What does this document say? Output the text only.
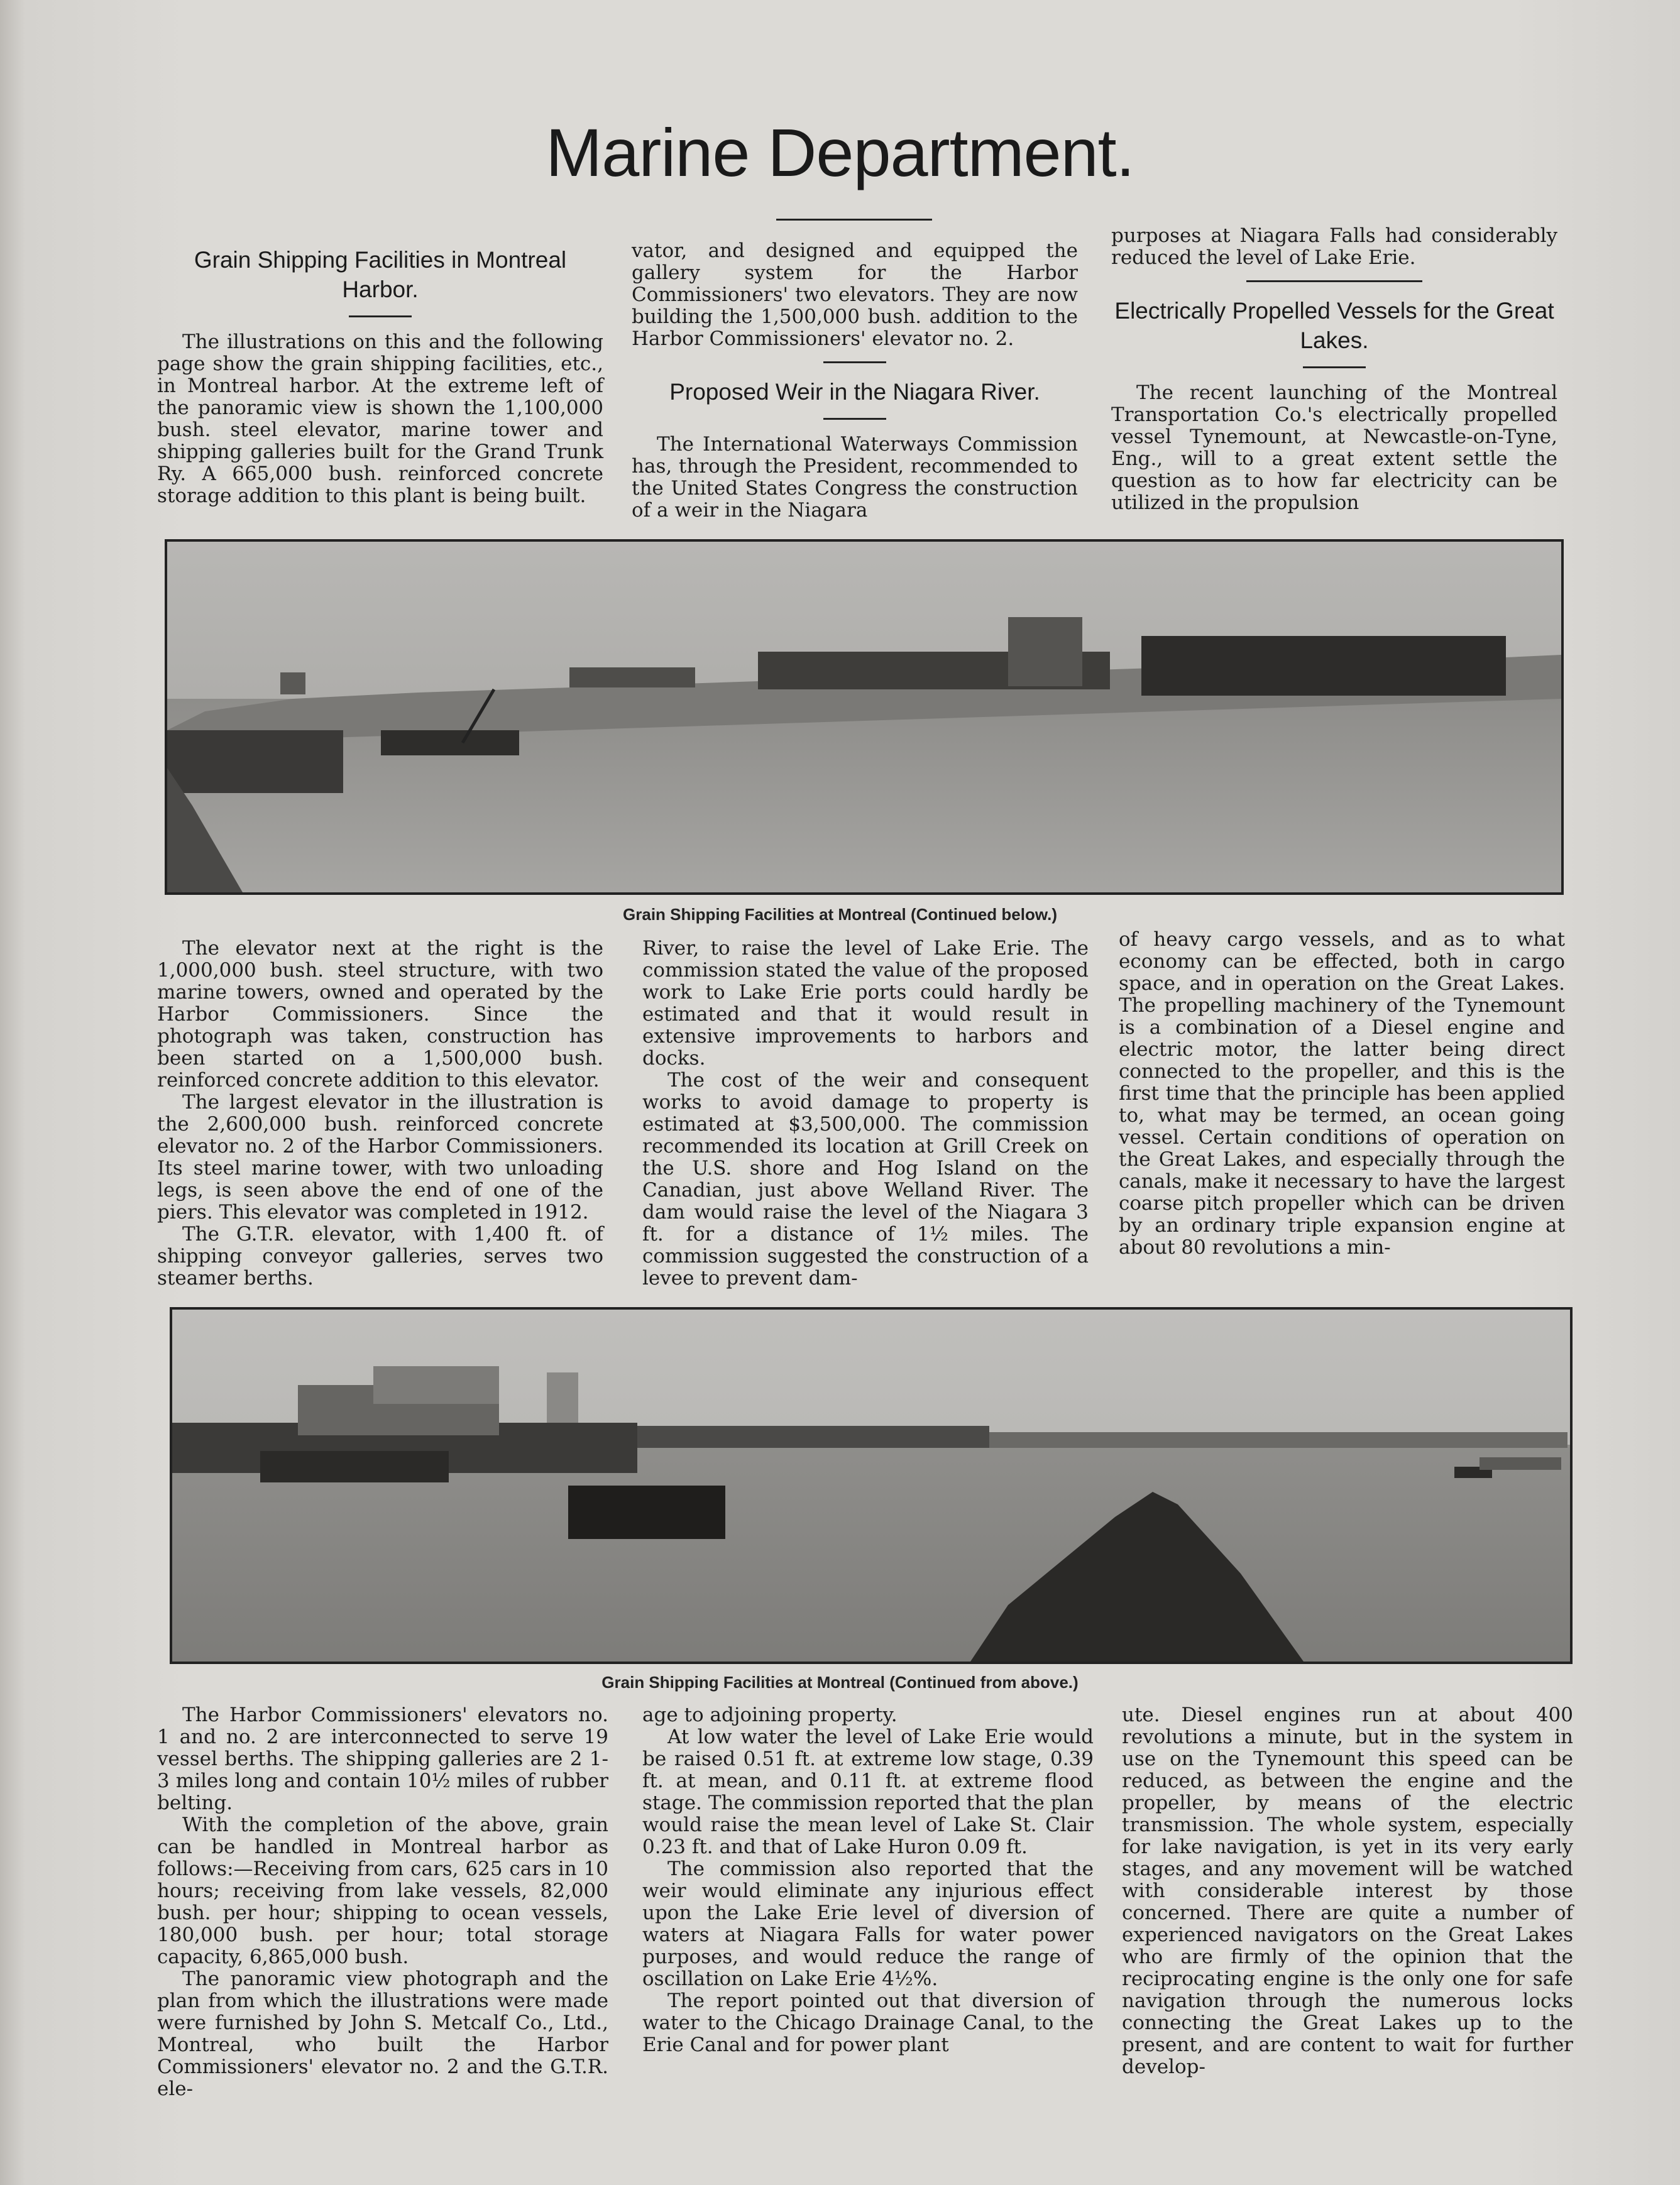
Marine Department.
Grain Shipping Facilities in Montreal Harbor.

The illustrations on this and the following page show the grain shipping facilities, etc., in Montreal harbor. At the extreme left of the panoramic view is shown the 1,100,000 bush. steel elevator, marine tower and shipping galleries built for the Grand Trunk Ry. A 665,000 bush. reinforced concrete storage addition to this plant is being built.

vator, and designed and equipped the gallery system for the Harbor Commissioners' two elevators. They are now building the 1,500,000 bush. addition to the Harbor Commissioners' elevator no. 2.

Proposed Weir in the Niagara River.

The International Waterways Commission has, through the President, recommended to the United States Congress the construction of a weir in the Niagara

purposes at Niagara Falls had considerably reduced the level of Lake Erie.

Electrically Propelled Vessels for the Great Lakes.

The recent launching of the Montreal Transportation Co.'s electrically propelled vessel Tynemount, at Newcastle-on-Tyne, Eng., will to a great extent settle the question as to how far electricity can be utilized in the propulsion

Grain Shipping Facilities at Montreal (Continued below.)

The elevator next at the right is the 1,000,000 bush. steel structure, with two marine towers, owned and operated by the Harbor Commissioners. Since the photograph was taken, construction has been started on a 1,500,000 bush. reinforced concrete addition to this elevator.

The largest elevator in the illustration is the 2,600,000 bush. reinforced concrete elevator no. 2 of the Harbor Commissioners. Its steel marine tower, with two unloading legs, is seen above the end of one of the piers. This elevator was completed in 1912.

The G.T.R. elevator, with 1,400 ft. of shipping conveyor galleries, serves two steamer berths.

River, to raise the level of Lake Erie. The commission stated the value of the proposed work to Lake Erie ports could hardly be estimated and that it would result in extensive improvements to harbors and docks.

The cost of the weir and consequent works to avoid damage to property is estimated at $3,500,000. The commission recommended its location at Grill Creek on the U.S. shore and Hog Island on the Canadian, just above Welland River. The dam would raise the level of the Niagara 3 ft. for a distance of 1½ miles. The commission suggested the construction of a levee to prevent dam-

of heavy cargo vessels, and as to what economy can be effected, both in cargo space, and in operation on the Great Lakes. The propelling machinery of the Tynemount is a combination of a Diesel engine and electric motor, the latter being direct connected to the propeller, and this is the first time that the principle has been applied to, what may be termed, an ocean going vessel. Certain conditions of operation on the Great Lakes, and especially through the canals, make it necessary to have the largest coarse pitch propeller which can be driven by an ordinary triple expansion engine at about 80 revolutions a min-

Grain Shipping Facilities at Montreal (Continued from above.)

The Harbor Commissioners' elevators no. 1 and no. 2 are interconnected to serve 19 vessel berths. The shipping galleries are 2 1-3 miles long and contain 10½ miles of rubber belting.

With the completion of the above, grain can be handled in Montreal harbor as follows:—Receiving from cars, 625 cars in 10 hours; receiving from lake vessels, 82,000 bush. per hour; shipping to ocean vessels, 180,000 bush. per hour; total storage capacity, 6,865,000 bush.

The panoramic view photograph and the plan from which the illustrations were made were furnished by John S. Metcalf Co., Ltd., Montreal, who built the Harbor Commissioners' elevator no. 2 and the G.T.R. ele-

age to adjoining property.

At low water the level of Lake Erie would be raised 0.51 ft. at extreme low stage, 0.39 ft. at mean, and 0.11 ft. at extreme flood stage. The commission reported that the plan would raise the mean level of Lake St. Clair 0.23 ft. and that of Lake Huron 0.09 ft.

The commission also reported that the weir would eliminate any injurious effect upon the Lake Erie level of diversion of waters at Niagara Falls for water power purposes, and would reduce the range of oscillation on Lake Erie 4½%.

The report pointed out that diversion of water to the Chicago Drainage Canal, to the Erie Canal and for power plant

ute. Diesel engines run at about 400 revolutions a minute, but in the system in use on the Tynemount this speed can be reduced, as between the engine and the propeller, by means of the electric transmission. The whole system, especially for lake navigation, is yet in its very early stages, and any movement will be watched with considerable interest by those concerned. There are quite a number of experienced navigators on the Great Lakes who are firmly of the opinion that the reciprocating engine is the only one for safe navigation through the numerous locks connecting the Great Lakes up to the present, and are content to wait for further develop-
